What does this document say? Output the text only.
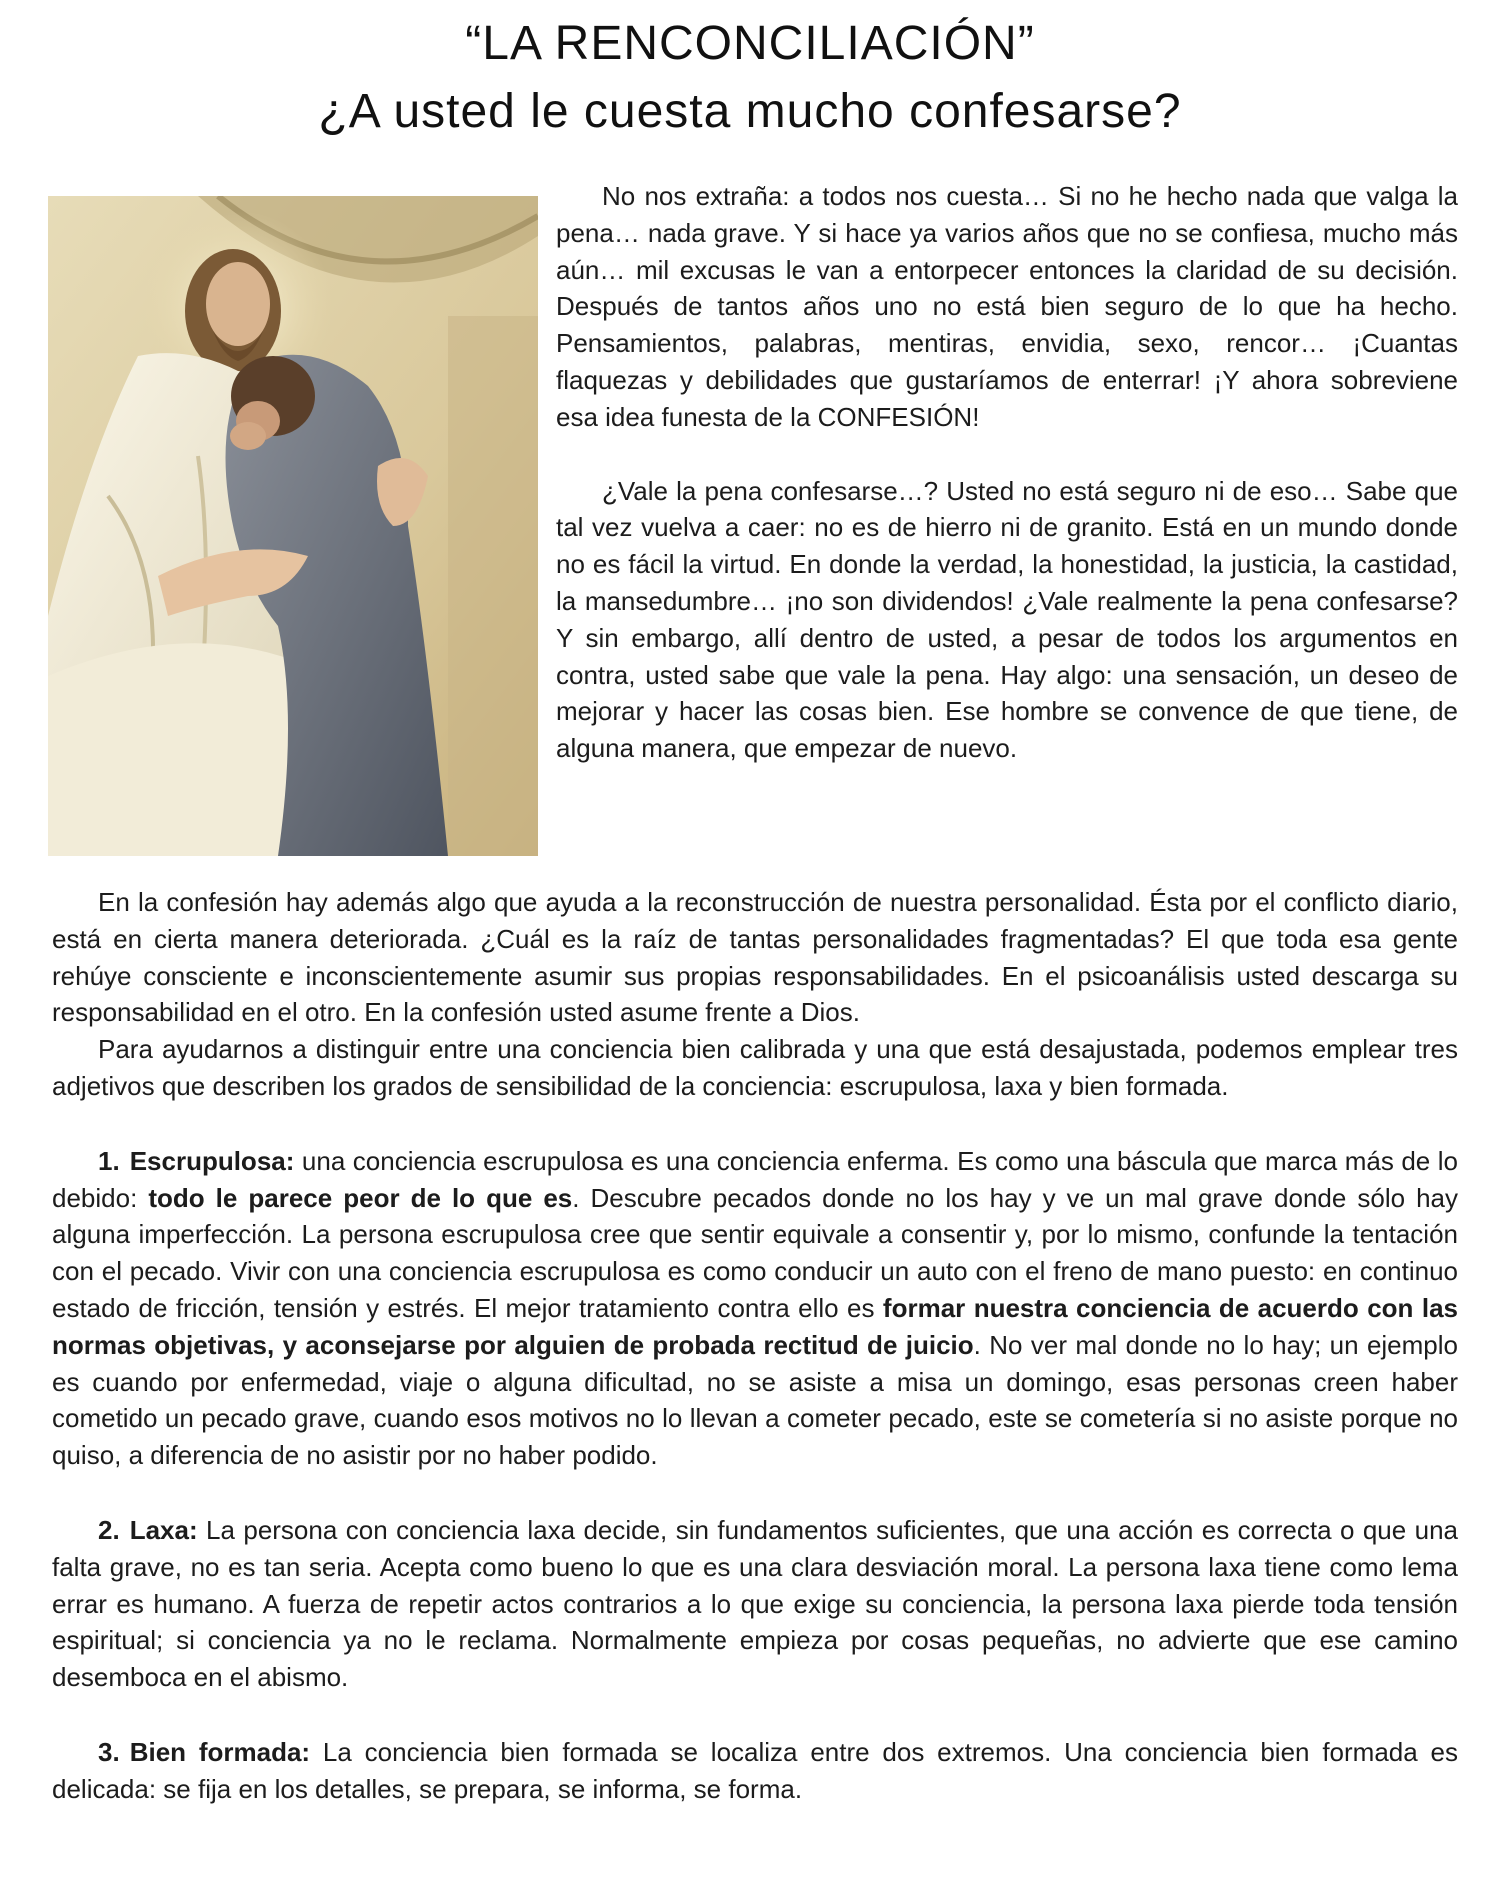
“LA RENCONCILIACIÓN”
¿A usted le cuesta mucho confesarse?

No nos extraña: a todos nos cuesta… Si no he hecho nada que valga la pena… nada grave. Y si hace ya varios años que no se confiesa, mucho más aún… mil excusas le van a entorpecer entonces la claridad de su decisión. Después de tantos años uno no está bien seguro de lo que ha hecho. Pensamientos, palabras, mentiras, envidia, sexo, rencor… ¡Cuantas flaquezas y debilidades que gustaríamos de enterrar! ¡Y ahora sobreviene esa idea funesta de la CONFESIÓN!

¿Vale la pena confesarse…? Usted no está seguro ni de eso… Sabe que tal vez vuelva a caer: no es de hierro ni de granito. Está en un mundo donde no es fácil la virtud. En donde la verdad, la honestidad, la justicia, la castidad, la mansedumbre… ¡no son dividendos! ¿Vale realmente la pena confesarse? Y sin embargo, allí dentro de usted, a pesar de todos los argumentos en contra, usted sabe que vale la pena. Hay algo: una sensación, un deseo de mejorar y hacer las cosas bien. Ese hombre se convence de que tiene, de alguna manera, que empezar de nuevo.

En la confesión hay además algo que ayuda a la reconstrucción de nuestra personalidad. Ésta por el conflicto diario, está en cierta manera deteriorada. ¿Cuál es la raíz de tantas personalidades fragmentadas? El que toda esa gente rehúye consciente e inconscientemente asumir sus propias responsabilidades. En el psicoanálisis usted descarga su responsabilidad en el otro. En la confesión usted asume frente a Dios.

Para ayudarnos a distinguir entre una conciencia bien calibrada y una que está desajustada, podemos emplear tres adjetivos que describen los grados de sensibilidad de la conciencia: escrupulosa, laxa y bien formada.

1. Escrupulosa: una conciencia escrupulosa es una conciencia enferma. Es como una báscula que marca más de lo debido: todo le parece peor de lo que es. Descubre pecados donde no los hay y ve un mal grave donde sólo hay alguna imperfección. La persona escrupulosa cree que sentir equivale a consentir y, por lo mismo, confunde la tentación con el pecado. Vivir con una conciencia escrupulosa es como conducir un auto con el freno de mano puesto: en continuo estado de fricción, tensión y estrés. El mejor tratamiento contra ello es formar nuestra conciencia de acuerdo con las normas objetivas, y aconsejarse por alguien de probada rectitud de juicio. No ver mal donde no lo hay; un ejemplo es cuando por enfermedad, viaje o alguna dificultad, no se asiste a misa un domingo, esas personas creen haber cometido un pecado grave, cuando esos motivos no lo llevan a cometer pecado, este se cometería si no asiste porque no quiso, a diferencia de no asistir por no haber podido.

2. Laxa: La persona con conciencia laxa decide, sin fundamentos suficientes, que una acción es correcta o que una falta grave, no es tan seria. Acepta como bueno lo que es una clara desviación moral. La persona laxa tiene como lema errar es humano. A fuerza de repetir actos contrarios a lo que exige su conciencia, la persona laxa pierde toda tensión espiritual; si conciencia ya no le reclama. Normalmente empieza por cosas pequeñas, no advierte que ese camino desemboca en el abismo.

3. Bien formada: La conciencia bien formada se localiza entre dos extremos. Una conciencia bien formada es delicada: se fija en los detalles, se prepara, se informa, se forma.
